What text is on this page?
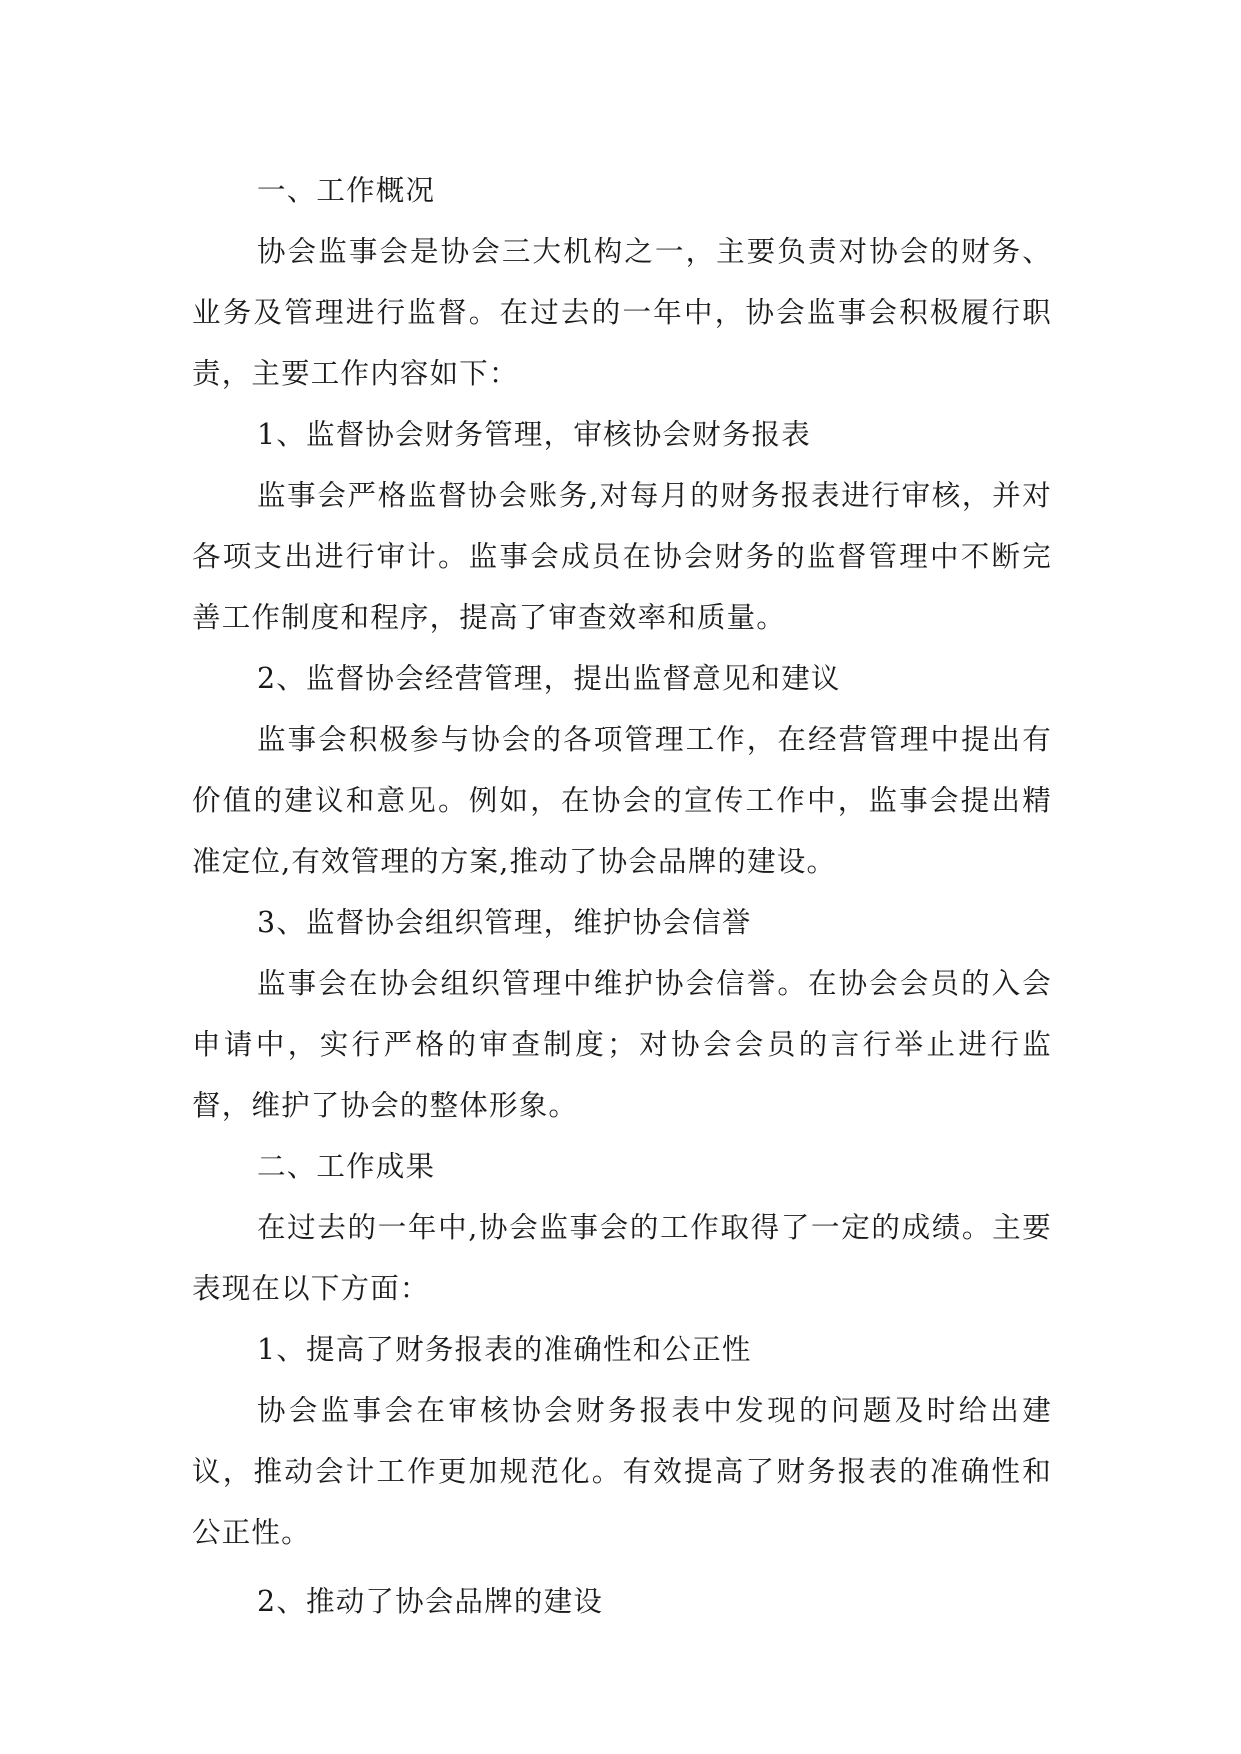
一、工作概况

协会监事会是协会三大机构之一，主要负责对协会的财务、业务及管理进行监督。在过去的一年中，协会监事会积极履行职责，主要工作内容如下：

1、监督协会财务管理，审核协会财务报表

监事会严格监督协会账务,对每月的财务报表进行审核，并对各项支出进行审计。监事会成员在协会财务的监督管理中不断完善工作制度和程序，提高了审查效率和质量。

2、监督协会经营管理，提出监督意见和建议

监事会积极参与协会的各项管理工作，在经营管理中提出有价值的建议和意见。例如，在协会的宣传工作中，监事会提出精准定位,有效管理的方案,推动了协会品牌的建设。

3、监督协会组织管理，维护协会信誉

监事会在协会组织管理中维护协会信誉。在协会会员的入会申请中，实行严格的审查制度；对协会会员的言行举止进行监督，维护了协会的整体形象。

二、工作成果

在过去的一年中,协会监事会的工作取得了一定的成绩。主要表现在以下方面：

1、提高了财务报表的准确性和公正性

协会监事会在审核协会财务报表中发现的问题及时给出建议，推动会计工作更加规范化。有效提高了财务报表的准确性和公正性。

2、推动了协会品牌的建设
